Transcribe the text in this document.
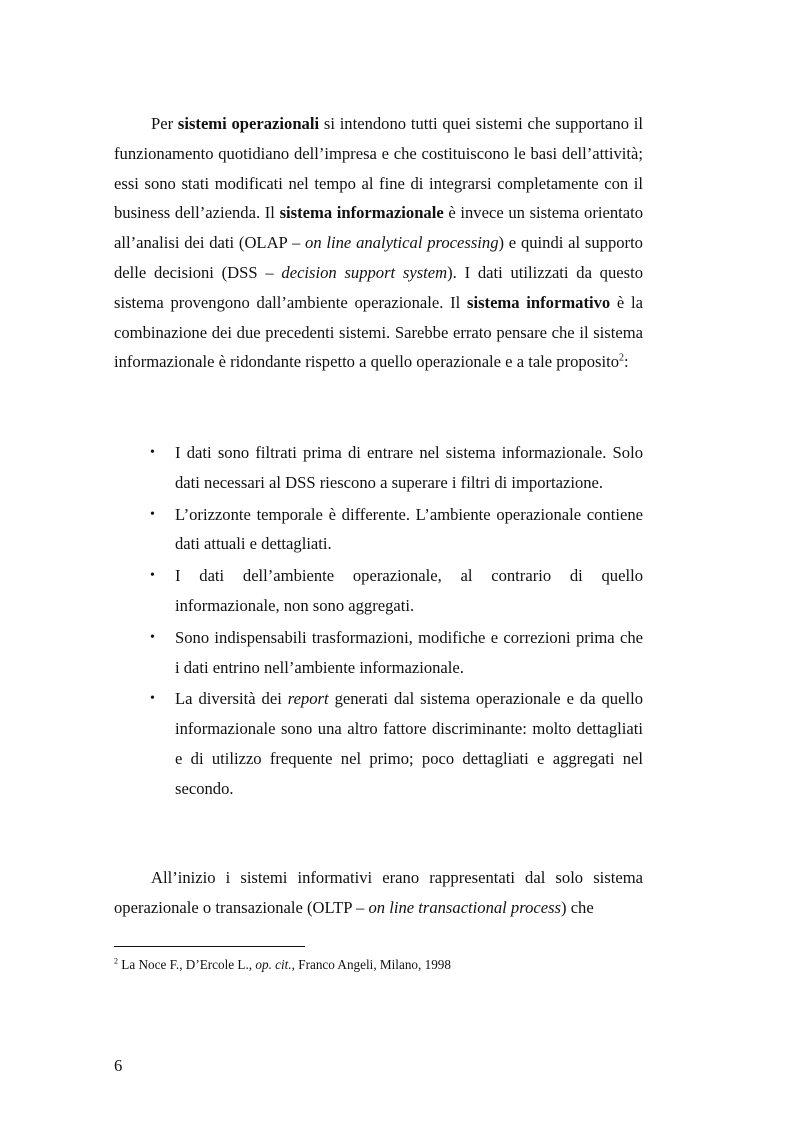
Per sistemi operazionali si intendono tutti quei sistemi che supportano il funzionamento quotidiano dell’impresa e che costituiscono le basi dell’attività; essi sono stati modificati nel tempo al fine di integrarsi completamente con il business dell’azienda. Il sistema informazionale è invece un sistema orientato all’analisi dei dati (OLAP – on line analytical processing) e quindi al supporto delle decisioni (DSS – decision support system). I dati utilizzati da questo sistema provengono dall’ambiente operazionale. Il sistema informativo è la combinazione dei due precedenti sistemi. Sarebbe errato pensare che il sistema informazionale è ridondante rispetto a quello operazionale e a tale proposito$^2$:

• I dati sono filtrati prima di entrare nel sistema informazionale. Solo dati necessari al DSS riescono a superare i filtri di importazione.
• L’orizzonte temporale è differente. L’ambiente operazionale contiene dati attuali e dettagliati.
• I dati dell’ambiente operazionale, al contrario di quello informazionale, non sono aggregati.
• Sono indispensabili trasformazioni, modifiche e correzioni prima che i dati entrino nell’ambiente informazionale.
• La diversità dei report generati dal sistema operazionale e da quello informazionale sono una altro fattore discriminante: molto dettagliati e di utilizzo frequente nel primo; poco dettagliati e aggregati nel secondo.

All’inizio i sistemi informativi erano rappresentati dal solo sistema operazionale o transazionale (OLTP – on line transactional process) che

$^2$ La Noce F., D’Ercole L., op. cit., Franco Angeli, Milano, 1998

6
